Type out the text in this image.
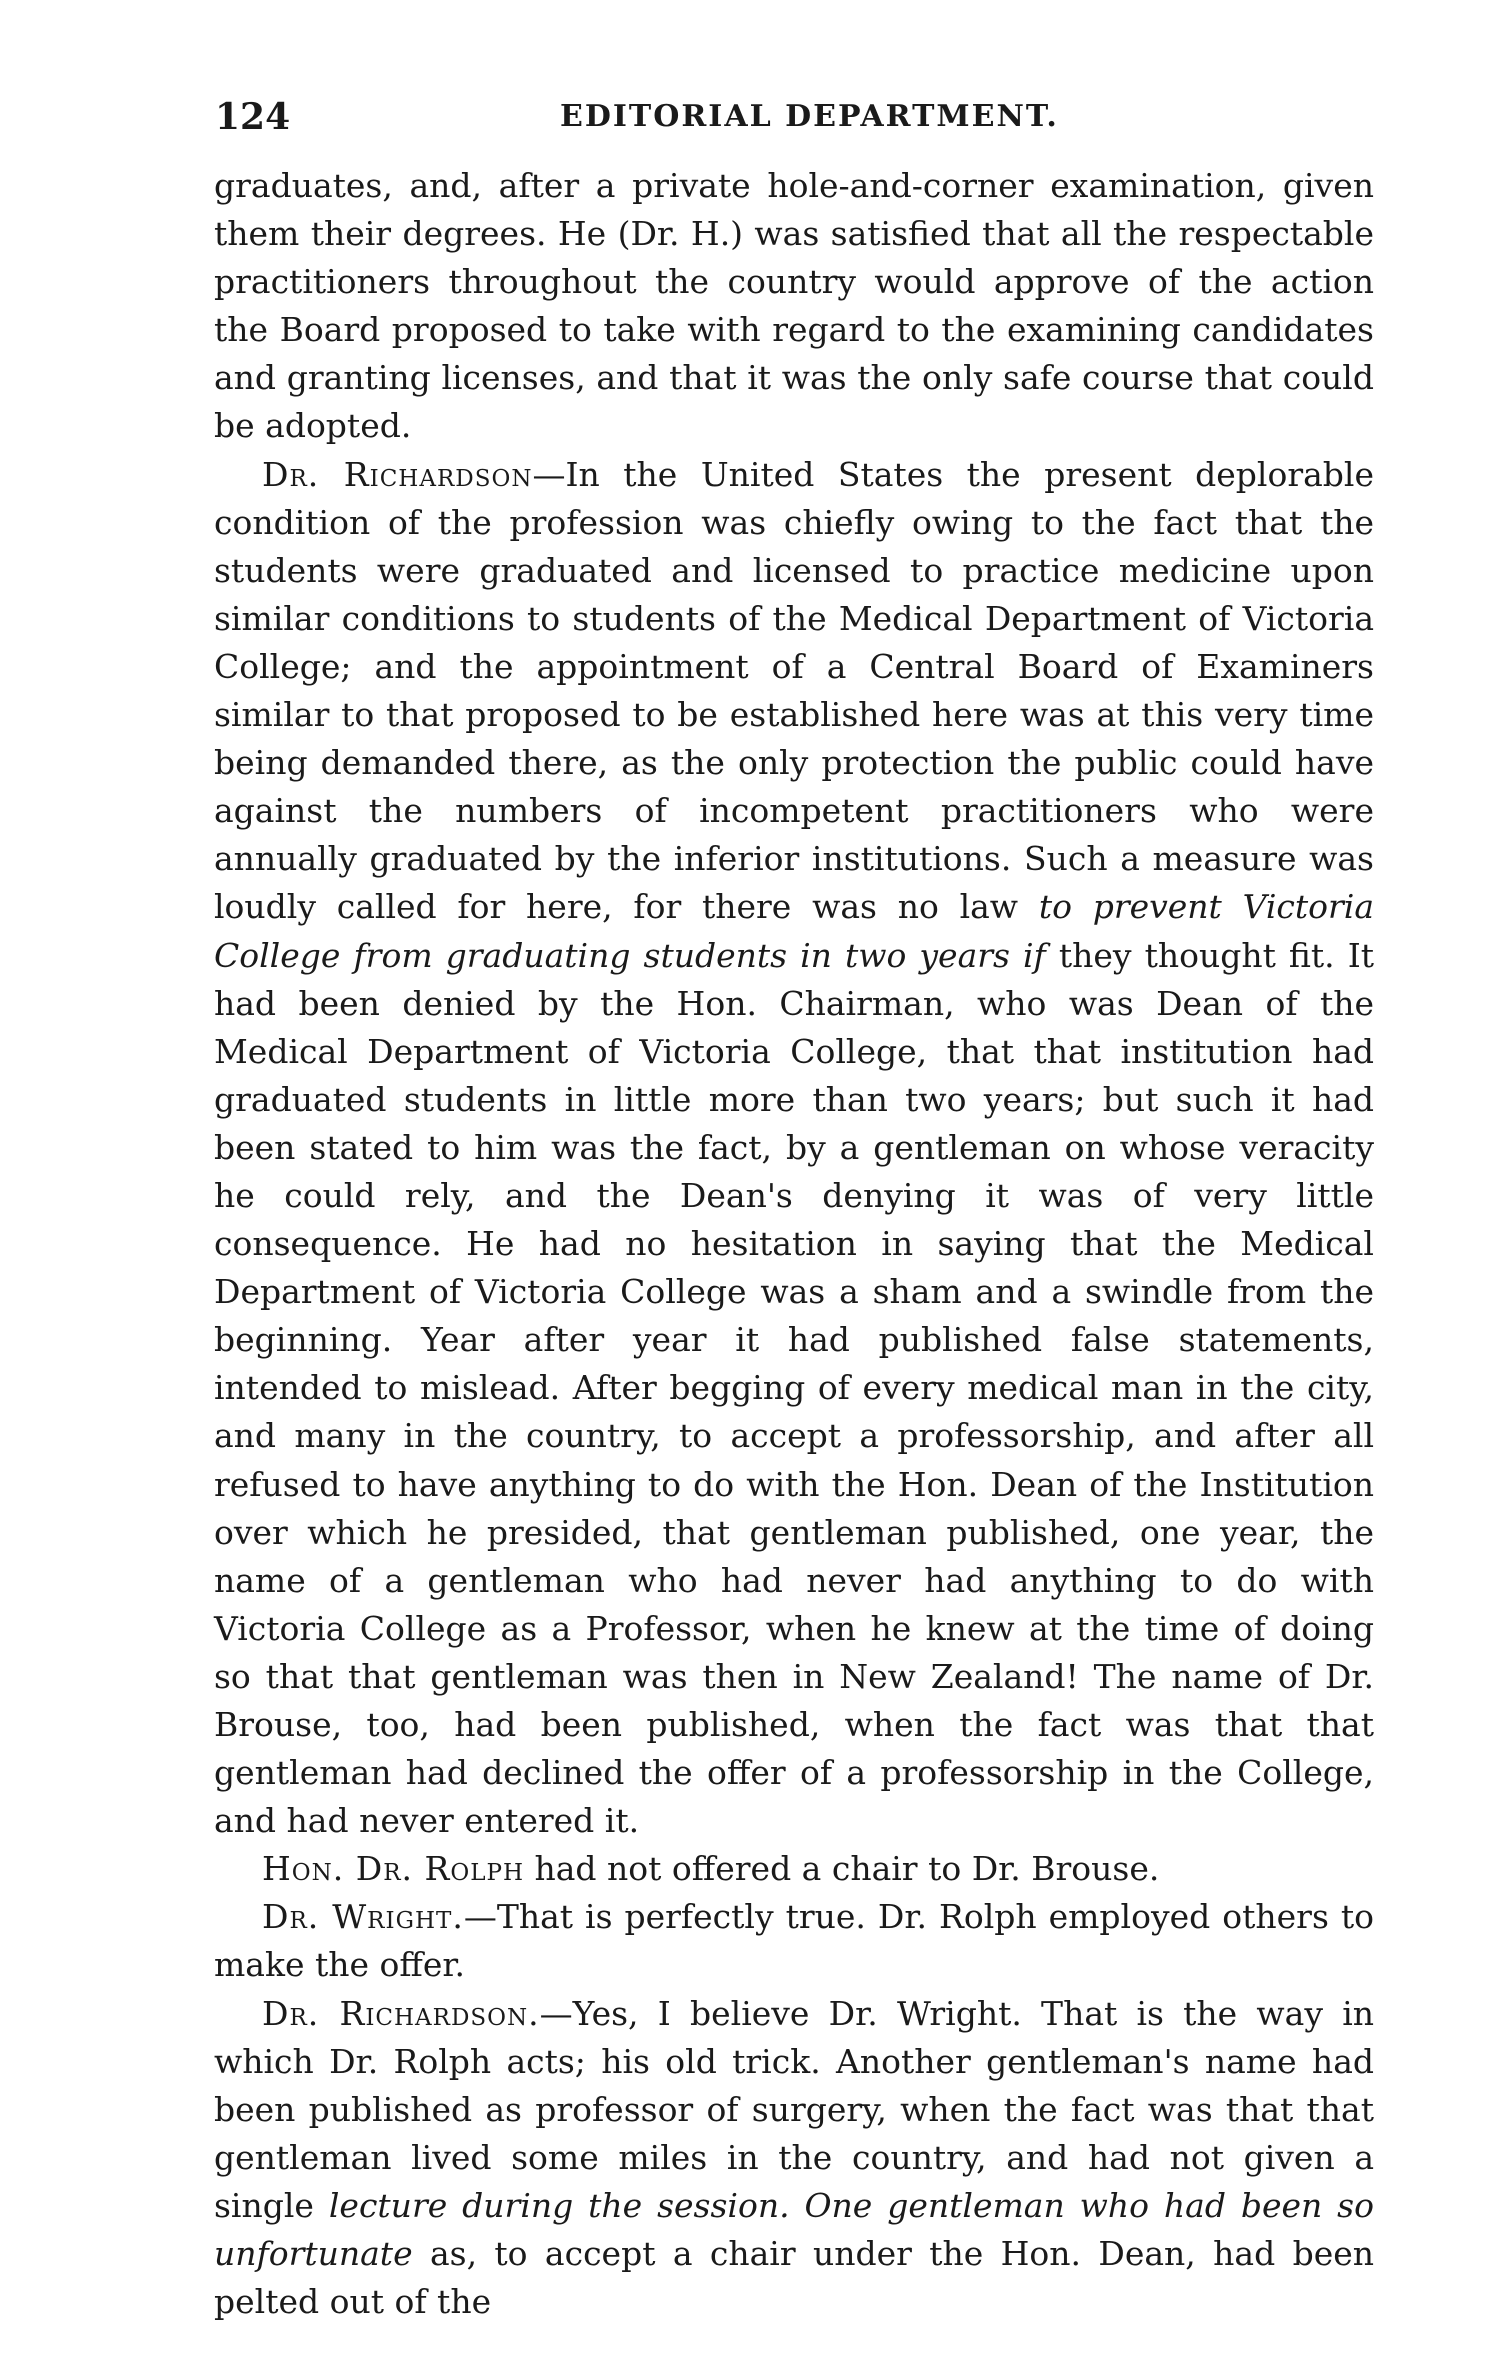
124	EDITORIAL DEPARTMENT.

graduates, and, after a private hole-and-corner examination, given them their degrees. He (Dr. H.) was satisfied that all the respectable practitioners throughout the country would approve of the action the Board proposed to take with regard to the examining candidates and granting licenses, and that it was the only safe course that could be adopted.

Dr. Richardson—In the United States the present deplorable condition of the profession was chiefly owing to the fact that the students were graduated and licensed to practice medicine upon similar conditions to students of the Medical Department of Victoria College; and the appointment of a Central Board of Examiners similar to that proposed to be established here was at this very time being demanded there, as the only protection the public could have against the numbers of incompetent practitioners who were annually graduated by the inferior institutions. Such a measure was loudly called for here, for there was no law to prevent Victoria College from graduating students in two years if they thought fit. It had been denied by the Hon. Chairman, who was Dean of the Medical Department of Victoria College, that that institution had graduated students in little more than two years; but such it had been stated to him was the fact, by a gentleman on whose veracity he could rely, and the Dean's denying it was of very little consequence. He had no hesitation in saying that the Medical Department of Victoria College was a sham and a swindle from the beginning. Year after year it had published false statements, intended to mislead. After begging of every medical man in the city, and many in the country, to accept a professorship, and after all refused to have anything to do with the Hon. Dean of the Institution over which he presided, that gentleman published, one year, the name of a gentleman who had never had anything to do with Victoria College as a Professor, when he knew at the time of doing so that that gentleman was then in New Zealand! The name of Dr. Brouse, too, had been published, when the fact was that that gentleman had declined the offer of a professorship in the College, and had never entered it.

Hon. Dr. Rolph had not offered a chair to Dr. Brouse.

Dr. Wright.—That is perfectly true. Dr. Rolph employed others to make the offer.

Dr. Richardson.—Yes, I believe Dr. Wright. That is the way in which Dr. Rolph acts; his old trick. Another gentleman's name had been published as professor of surgery, when the fact was that that gentleman lived some miles in the country, and had not given a single lecture during the session. One gentleman who had been so unfortunate as, to accept a chair under the Hon. Dean, had been pelted out of the
